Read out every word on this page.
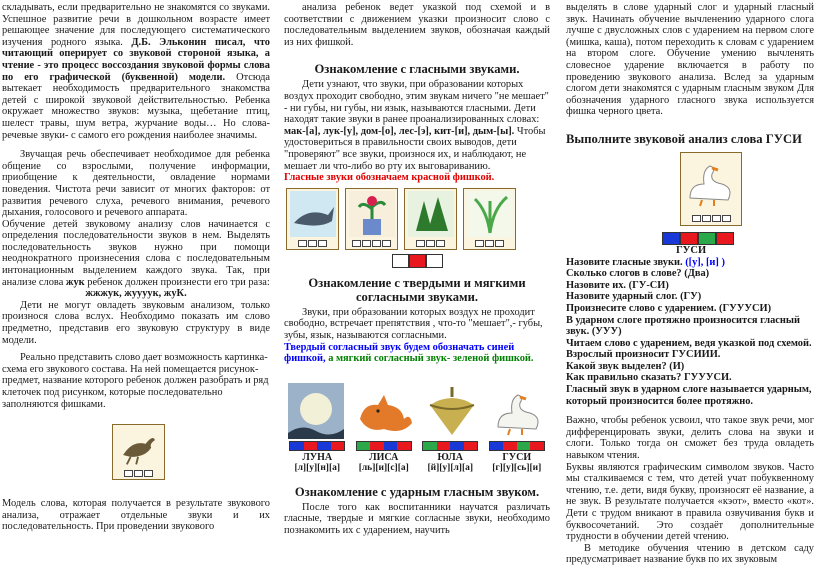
складывать, если предварительно не знакомятся со звуками. Успешное развитие речи в дошкольном возрасте имеет решающее значение для последующего систематического изучения родного языка. Д.Б. Эльконин писал, что читающий оперирует со звуковой стороной языка, а чтение - это процесс воссоздания звуковой формы слова по его графической (буквенной) модели. Отсюда вытекает необходимость предварительного знакомства детей с широкой звуковой действительностью. Ребенка окружает множество звуков: музыка, щебетание птиц, шелест травы, шум ветра, журчание воды… Но слова-речевые звуки- с самого его рождения наиболее значимы.

Звучащая речь обеспечивает необходимое для ребенка общение со взрослыми, получение информации, приобщение к деятельности, овладение нормами поведения. Чистота речи зависит от многих факторов: от развития речевого слуха, речевого внимания, речевого дыхания, голосового и речевого аппарата.

Обучение детей звуковому анализу слов начинается с определения последовательности звуков в нем. Выделять последовательность звуков нужно при помощи неоднократного произнесения слова с последовательным интонационным выделением каждого звука. Так, при анализе слова жук ребенок должен произнести его три раза:

жжжук, жуууук, жуК.

Дети не могут овладеть звуковым анализом, только произнося слова вслух. Необходимо показать им слово предметно, представив его звуковую структуру в виде модели.

Реально представить слово дает возможность картинка-схема его звукового состава. На ней помещается рисунок-предмет, название которого ребенок должен разобрать и ряд клеточек под рисунком, которые последовательно заполняются фишками.

Модель слова, которая получается в результате звукового анализа, отражает отдельные звуки и их последовательность. При проведении звукового

анализа ребенок ведет указкой под схемой и в соответствии с движением указки произносит слово с последовательным выделением звуков, обозначая каждый из них фишкой.

Ознакомление с гласными звуками.

Дети узнают, что звуки, при образовании которых воздух проходит свободно, этим звукам ничего "не мешает" - ни губы, ни губы, ни язык, называются гласными. Дети находят такие звуки в ранее проанализированных словах: мак-[а], лук-[у], дом-[о], лес-[э], кит-[и], дым-[ы]. Чтобы удостовериться в правильности своих выводов, дети "проверяют" все звуки, произнося их, и наблюдают, не мешает ли что-либо во рту их выговариванию.

Гласные звуки обозначаем красной фишкой.

Ознакомление с твердыми и мягкими согласными звуками.

Звуки, при образовании которых воздух не проходит свободно, встречает препятствия , что-то "мешает",- губы, зубы, язык, называются согласными.

Твердый согласный звук будем обозначать синей фишкой, а мягкий согласный звук- зеленой фишкой.

ЛУНА
[л][у][н][а]
ЛИСА
[ль][и][с][а]
ЮЛА
[й][у][л][а]
ГУСИ
[г][у][сь][и]
Ознакомление с ударным гласным звуком.

После того как воспитанники научатся различать гласные, твердые и мягкие согласные звуки, необходимо познакомить их с ударением, научить

выделять в слове ударный слог и ударный гласный звук. Начинать обучение вычленению ударного слога лучше с двусложных слов с ударением на первом слоге (мишка, каша), потом переходить к словам с ударением на втором слоге. Обучение умению вычленять словесное ударение включается в работу по проведению звукового анализа. Вслед за ударным слогом дети знакомятся с ударным гласным звуком Для обозначения ударного гласного звука используется фишка черного цвета.

Выполните звуковой анализ слова ГУСИ
ГУСИ

Назовите гласные звуки. ([у], [и] )

Сколько слогов в слове? (Два)

Назовите их. (ГУ-СИ)

Назовите ударный слог. (ГУ)

Произнесите слово с ударением. (ГУУУСИ)

В ударном слоге протяжно произносится гласный звук. (УУУ)

Читаем слово с ударением, ведя указкой под схемой.

Взрослый произносит ГУСИИИ.

Какой звук выделен? (И)

Как правильно сказать? ГУУУСИ.

Гласный звук в ударном слоге называется ударным, который произносится более протяжно.

Важно, чтобы ребенок усвоил, что такое звук речи, мог дифференцировать звуки, делить слова на звуки и слоги. Только тогда он сможет без труда овладеть навыком чтения.

Буквы являются графическим символом звуков. Часто мы сталкиваемся с тем, что детей учат побуквенному чтению, т.е. дети, видя букву, произносят её название, а не звук. В результате получается «кэот», вместо «кот». Дети с трудом вникают в правила озвучивания букв и буквосочетаний. Это создаёт дополнительные трудности в обучении детей чтению.

В методике обучения чтению в детском саду предусматривает название букв по их звуковым
